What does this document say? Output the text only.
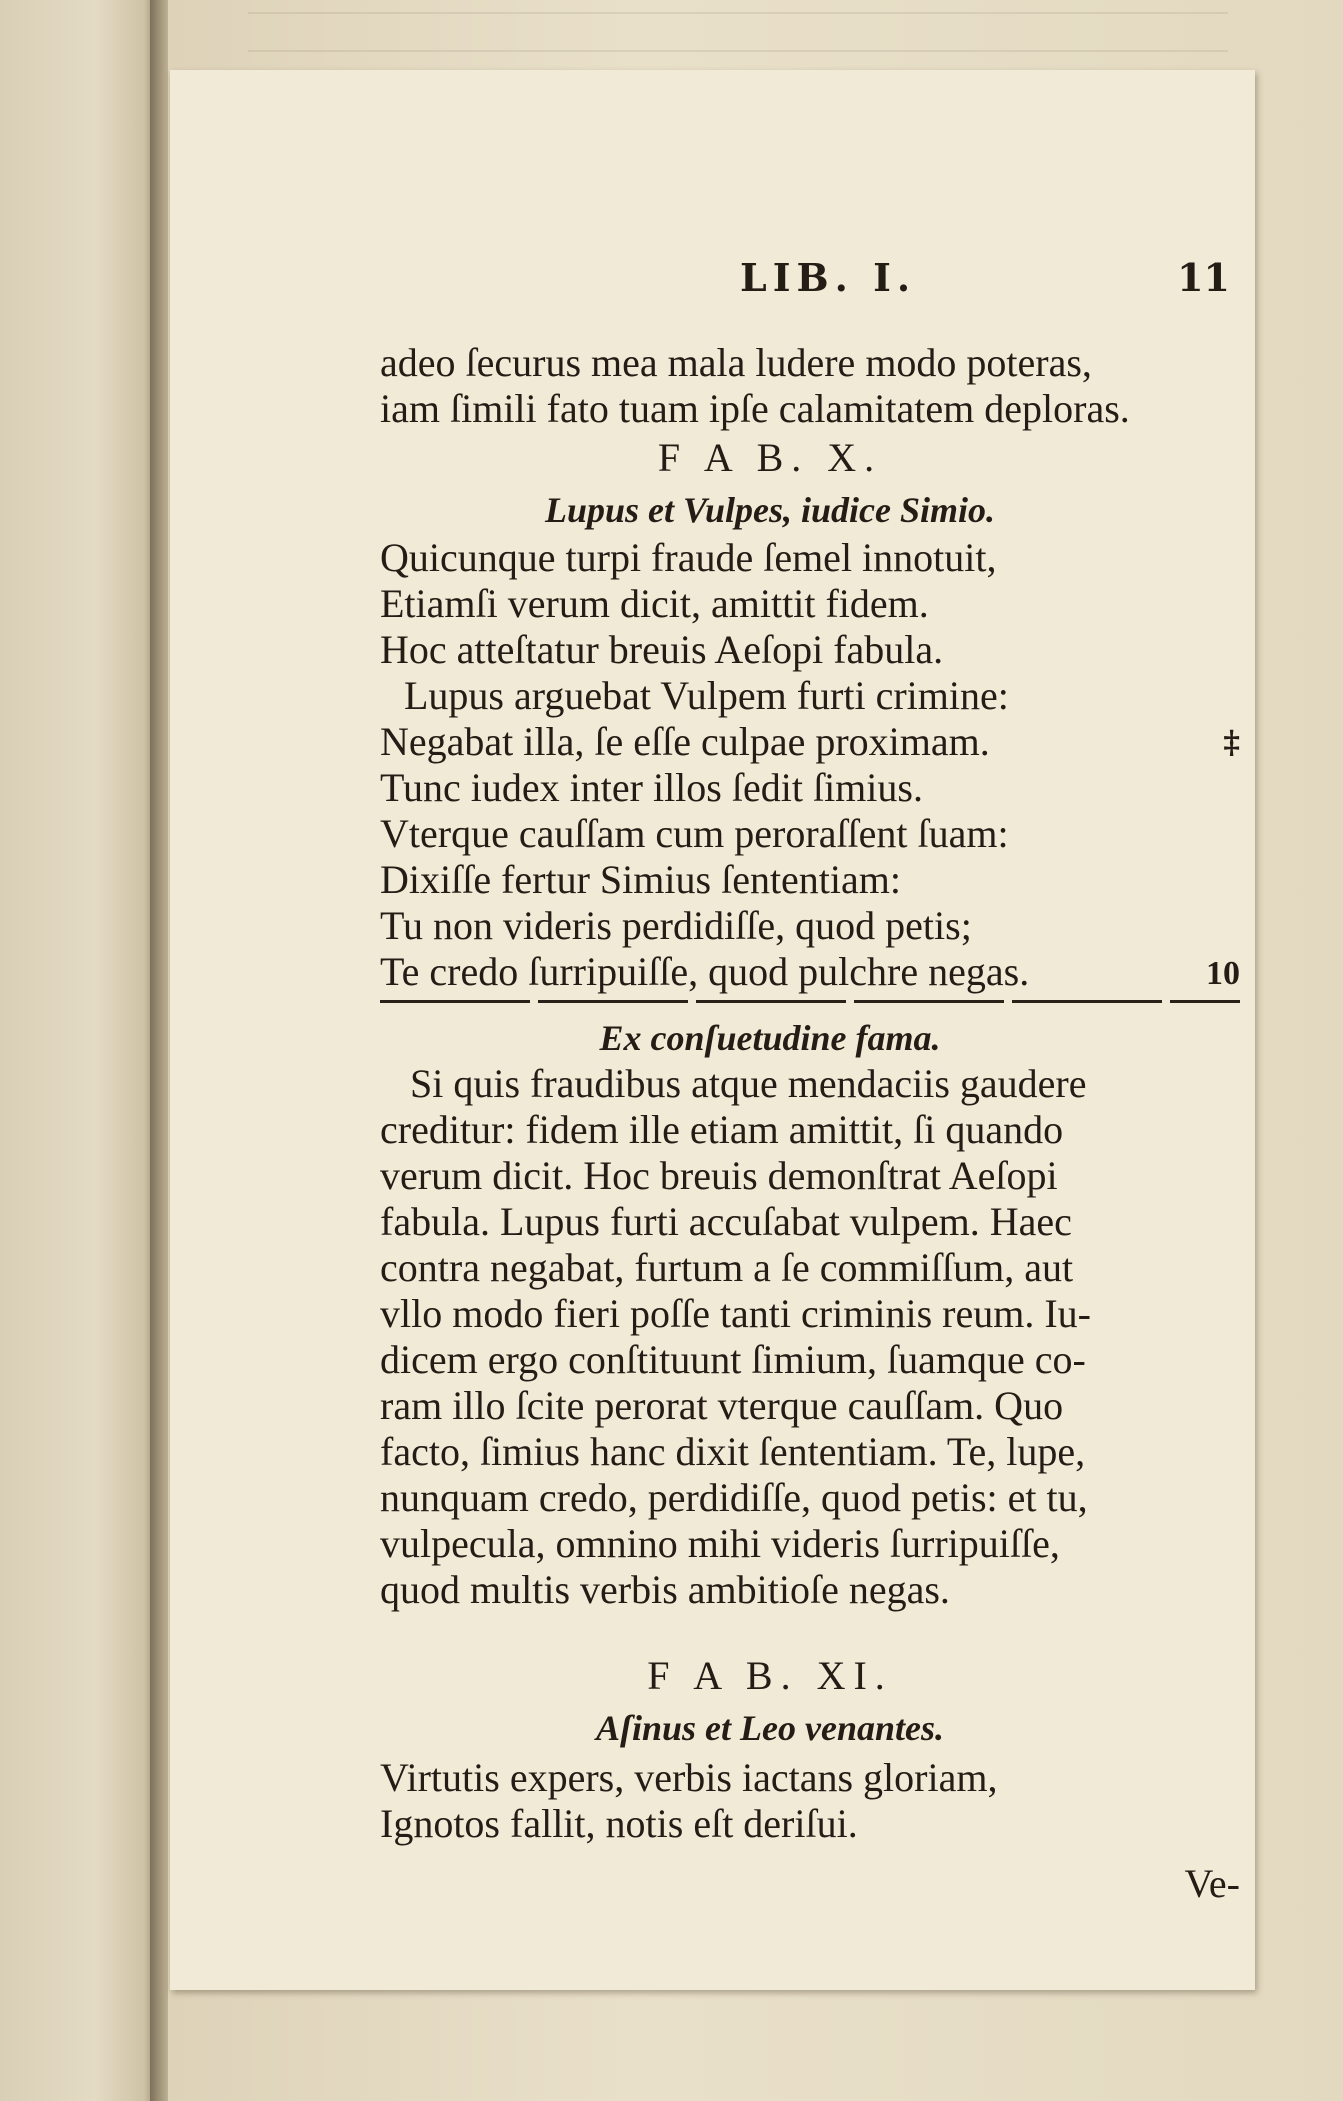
LIB. I.	11
adeo ſecurus mea mala ludere modo poteras,
iam ſimili fato tuam ipſe calamitatem deploras.
F A B. X.
Lupus et Vulpes, iudice Simio.
Quicunque turpi fraude ſemel innotuit,
Etiamſi verum dicit, amittit fidem.
Hoc atteſtatur breuis Aeſopi fabula.
Lupus arguebat Vulpem furti crimine:
Negabat illa, ſe eſſe culpae proximam.	‡
Tunc iudex inter illos ſedit ſimius.
Vterque cauſſam cum peroraſſent ſuam:
Dixiſſe fertur Simius ſententiam:
Tu non videris perdidiſſe, quod petis;
Te credo ſurripuiſſe, quod pulchre negas.	10
Ex conſuetudine fama.
Si quis fraudibus atque mendaciis gaudere
creditur: fidem ille etiam amittit, ſi quando
verum dicit. Hoc breuis demonſtrat Aeſopi
fabula. Lupus furti accuſabat vulpem. Haec
contra negabat, furtum a ſe commiſſum, aut
vllo modo fieri poſſe tanti criminis reum. Iu-
dicem ergo conſtituunt ſimium, ſuamque co-
ram illo ſcite perorat vterque cauſſam. Quo
facto, ſimius hanc dixit ſententiam. Te, lupe,
nunquam credo, perdidiſſe, quod petis: et tu,
vulpecula, omnino mihi videris ſurripuiſſe,
quod multis verbis ambitioſe negas.
F A B. XI.
Aſinus et Leo venantes.
Virtutis expers, verbis iactans gloriam,
Ignotos fallit, notis eſt deriſui.
Ve-
